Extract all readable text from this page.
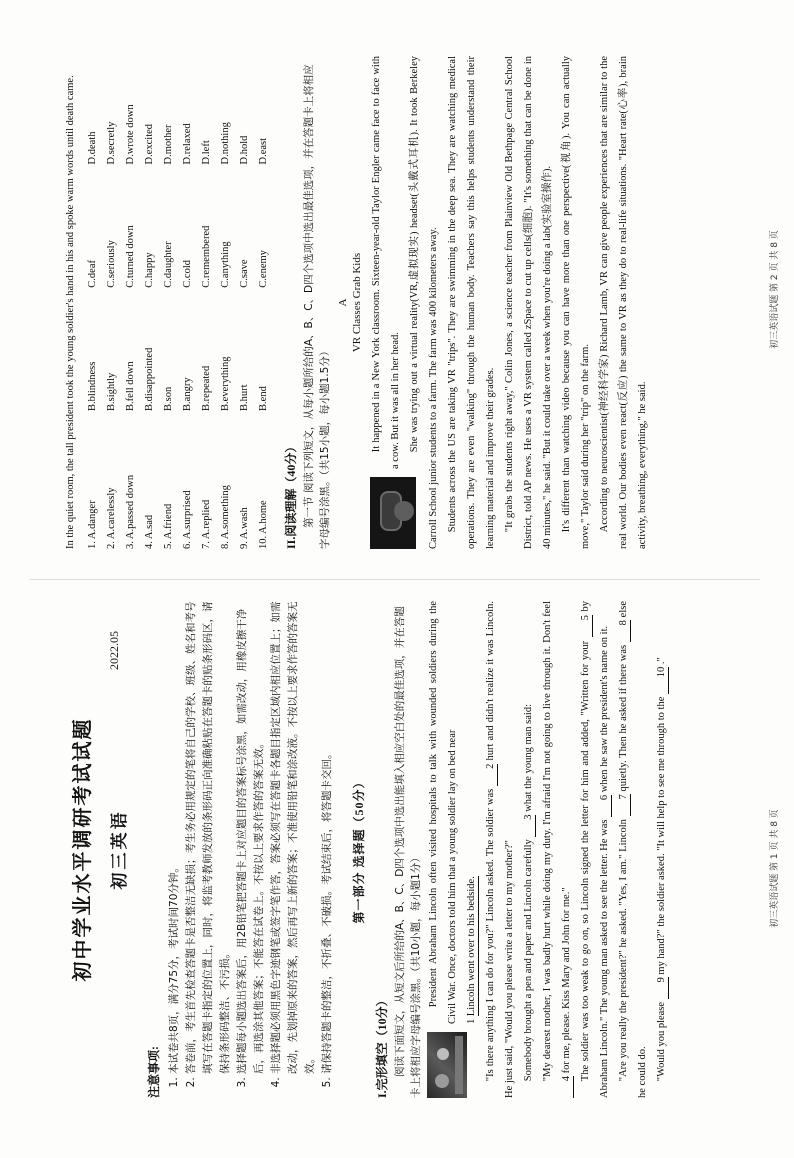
初中学业水平调研考试试题 初三英语
2022.05
注意事项: 1. 本试卷共8页，满分75分，考试时间70分钟。 2. 答卷前，考生首先检查答题卡是否整洁无缺损；考生务必用规定的笔将自己的学校、班级、姓名和考号填写在答题卡指定的位置上，同时，将监考教师发放的条形码正向准确粘贴在答题卡的贴条形码区，请保持条形码整洁、不污损。 3. 选择题每小题选出答案后，用2B铅笔把答题卡上对应题目的答案标号涂黑，如需改动，用橡皮擦干净后，再选涂其他答案；不能答在试卷上。不按以上要求作答的答案无效。 4. 非选择题必须用黑色字迹钢笔或签字笔作答，答案必须写在答题卡各题目指定区域内相应位置上；如需改动，先划掉原来的答案，然后再写上新的答案；不准使用铅笔和涂改液。不按以上要求作答的答案无效。 5. 请保持答题卡的整洁，不折叠、不破损。考试结束后，将答题卡交回。 第一部分 选择题（50分）
I.完形填空（10分） 阅读下面短文，从短文后所给的A、B、C、D四个选项中选出能填入相应空白处的最佳选项，并在答题卡上将相应字母编号涂黑。（共10小题，每小题1分） President Abraham Lincoln often visited hospitals to talk with wounded soldiers during the Civil War. Once, doctors told him that a young soldier lay on bed near 1 Lincoln went over to his bedside. "Is there anything I can do for you?" Lincoln asked. The soldier was 2 hurt and didn't realize it was Lincoln. He just said, "Would you please write a letter to my mother?" Somebody brought a pen and paper and Lincoln carefully 3 what the young man said: "My dearest mother, I was badly hurt while doing my duty. I'm afraid I'm not going to live through it. Don't feel 4 for me, please. Kiss Mary and John for me." The soldier was too weak to go on, so Lincoln signed the letter for him and added, "Written for your 5 by Abraham Lincoln." The young man asked to see the letter. He was 6 when he saw the president's name on it.

"Are you really the president?" he asked. "Yes, I am." Lincoln 7 quietly. Then he asked if there was 8 else he could do. "Would you please 9 my hand?" the soldier asked. "It will help to see me through to the 10 ."

初三英语试题 第 1 页 共 8 页

In the quiet room, the tall president took the young soldier's hand in his and spoke warm words until death came.	1. A.danger	B.blindness	C.deaf	D.death
2. A.carelessly	B.sightly	C.seriously	D.secretly
3. A.passed down	B.fell down	C.turned down	D.wrote down
4. A.sad	B.disappointed	C.happy	D.excited
5. A.friend	B.son	C.daughter	D.mother
6. A.surprised	B.angry	C.cold	D.relaxed
7. A.replied	B.repeated	C.remembered	D.left
8. A.something	B.everything	C.anything	D.nothing
9. A.wash	B.hurt	C.save	D.hold
10. A.home	B.end	C.enemy	D.east
II.阅读理解（40分） 第一节 阅读下列短文，从每小题所给的A、B、C、D四个选项中选出最佳选项，并在答题卡上将相应字母编号涂黑。（共15小题，每小题1.5分）

A VR Classes Grab Kids It happened in a New York classroom. Sixteen-year-old Taylor Engler came face to face with a cow. But it was all in her head. She was trying out a virtual reality(VR,虚拟现实) headset(头戴式耳机). It took Berkeley Carroll School junior students to a farm. The farm was 400 kilometers away. Students across the US are taking VR "trips". They are swimming in the deep sea. They are watching medical operations. They are even "walking" through the human body. Teachers say this helps students understand their learning material and improve their grades. "It grabs the students right away," Colin Jones, a science teacher from Plainview Old Bethpage Central School District, told AP news. He uses a VR system called zSpace to cut up cells(细胞). "It's something that can be done in 40 minutes," he said. "But it could take over a week when you're doing a lab(实验室操作). It's different than watching video because you can have more than one perspective(视角). You can actually move," Taylor said during her "trip" on the farm. According to neuroscientist(神经科学家) Richard Lamb, VR can give people experiences that are similar to the real world. Our bodies even react(反应) the same to VR as they do to real-life situations. "Heart rate(心率), brain activity, breathing, everything," he said.

初三英语试题 第 2 页 共 8 页
